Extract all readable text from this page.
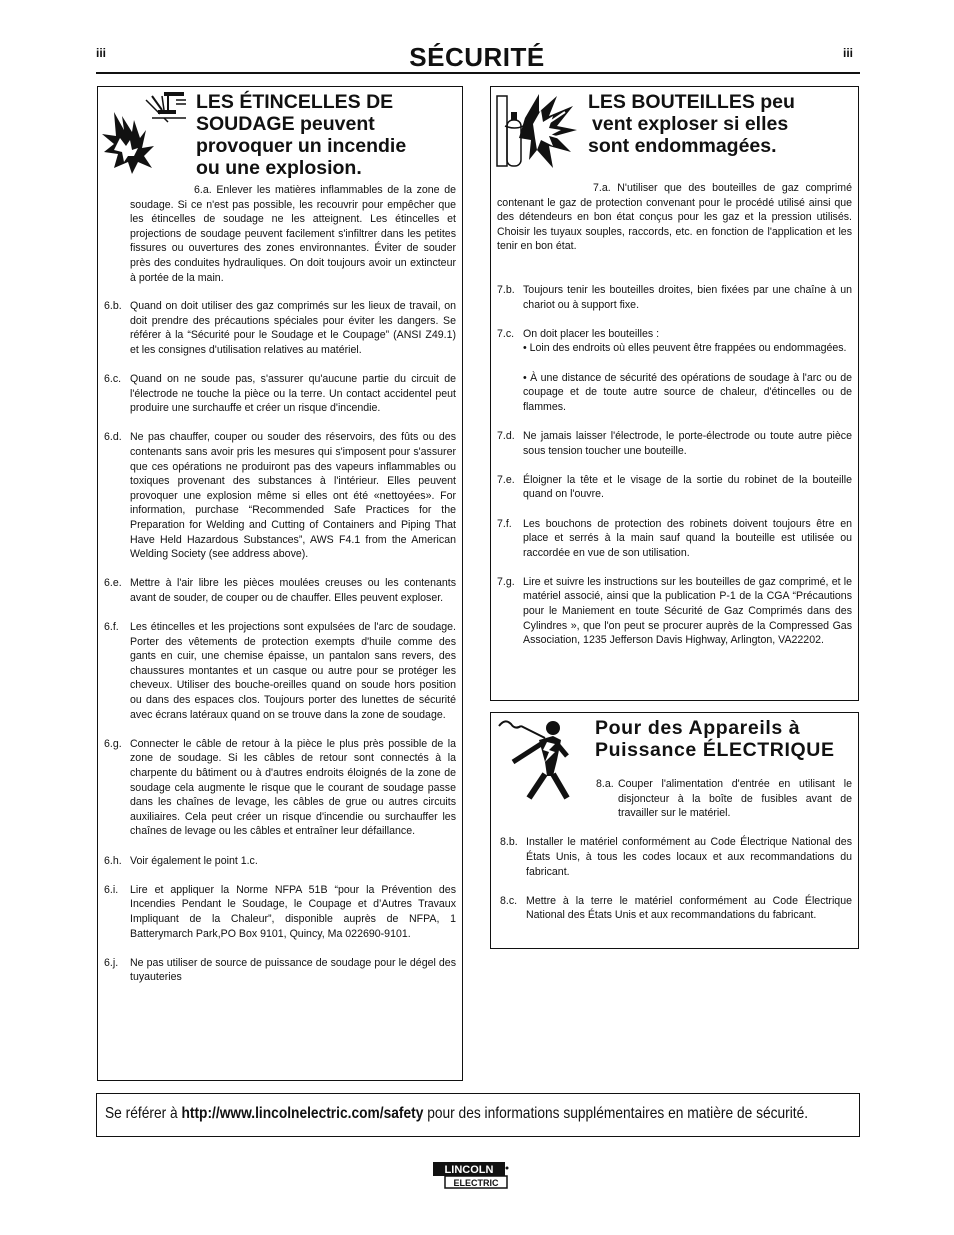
iii	iii
SÉCURITÉ
LES ÉTINCELLES DE
SOUDAGE peuvent
provoquer un incendie
ou une explosion.
6.a. Enlever les matières inflammables de la zone de soudage. Si ce n'est pas possible, les recouvrir pour empêcher que les étincelles de soudage ne les atteignent. Les étincelles et projections de soudage peuvent facilement s'infiltrer dans les petites fissures ou ouvertures des zones environnantes. Éviter de souder près des conduites hydrauliques. On doit toujours avoir un extincteur à portée de la main.
6.b. Quand on doit utiliser des gaz comprimés sur les lieux de travail, on doit prendre des précautions spéciales pour éviter les dangers. Se référer à la “Sécurité pour le Soudage et le Coupage” (ANSI Z49.1) et les consignes d'utilisation relatives au matériel.
6.c. Quand on ne soude pas, s'assurer qu'aucune partie du circuit de l'électrode ne touche la pièce ou la terre. Un contact accidentel peut produire une surchauffe et créer un risque d'incendie.
6.d. Ne pas chauffer, couper ou souder des réservoirs, des fûts ou des contenants sans avoir pris les mesures qui s'imposent pour s'assurer que ces opérations ne produiront pas des vapeurs inflammables ou toxiques provenant des substances à l'intérieur. Elles peuvent provoquer une explosion même si elles ont été «nettoyées». For information, purchase “Recommended Safe Practices for the Preparation for Welding and Cutting of Containers and Piping That Have Held Hazardous Substances”, AWS F4.1 from the American Welding Society (see address above).
6.e. Mettre à l'air libre les pièces moulées creuses ou les contenants avant de souder, de couper ou de chauffer. Elles peuvent exploser.
6.f. Les étincelles et les projections sont expulsées de l'arc de soudage. Porter des vêtements de protection exempts d'huile comme des gants en cuir, une chemise épaisse, un pantalon sans revers, des chaussures montantes et un casque ou autre pour se protéger les cheveux. Utiliser des bouche-oreilles quand on soude hors position ou dans des espaces clos. Toujours porter des lunettes de sécurité avec écrans latéraux quand on se trouve dans la zone de soudage.
6.g. Connecter le câble de retour à la pièce le plus près possible de la zone de soudage. Si les câbles de retour sont connectés à la charpente du bâtiment ou à d'autres endroits éloignés de la zone de soudage cela augmente le risque que le courant de soudage passe dans les chaînes de levage, les câbles de grue ou autres circuits auxiliaires. Cela peut créer un risque d'incendie ou surchauffer les chaînes de levage ou les câbles et entraîner leur défaillance.
6.h. Voir également le point 1.c.
6.i. Lire et appliquer la Norme NFPA 51B “pour la Prévention des Incendies Pendant le Soudage, le Coupage et d’Autres Travaux Impliquant de la Chaleur”, disponible auprès de NFPA, 1 Batterymarch Park,PO Box 9101, Quincy, Ma 022690-9101.
6.j. Ne pas utiliser de source de puissance de soudage pour le dégel des tuyauteries
LES BOUTEILLES peu
vent exploser si elles
sont endommagées.
7.a. N'utiliser que des bouteilles de gaz comprimé contenant le gaz de protection convenant pour le procédé utilisé ainsi que des détendeurs en bon état conçus pour les gaz et la pression utilisés. Choisir les tuyaux souples, raccords, etc. en fonction de l'application et les tenir en bon état.
7.b. Toujours tenir les bouteilles droites, bien fixées par une chaîne à un chariot ou à support fixe.
7.c. On doit placer les bouteilles :
• Loin des endroits où elles peuvent être frappées ou endommagées.
• À une distance de sécurité des opérations de soudage à l'arc ou de coupage et de toute autre source de chaleur, d'étincelles ou de flammes.
7.d. Ne jamais laisser l'électrode, le porte-électrode ou toute autre pièce sous tension toucher une bouteille.
7.e. Éloigner la tête et le visage de la sortie du robinet de la bouteille quand on l'ouvre.
7.f. Les bouchons de protection des robinets doivent toujours être en place et serrés à la main sauf quand la bouteille est utilisée ou raccordée en vue de son utilisation.
7.g. Lire et suivre les instructions sur les bouteilles de gaz comprimé, et le matériel associé, ainsi que la publication P-1 de la CGA “Précautions pour le Maniement en toute Sécurité de Gaz Comprimés dans des Cylindres », que l'on peut se procurer auprès de la Compressed Gas Association, 1235 Jefferson Davis Highway, Arlington, VA22202.
Pour des Appareils à
Puissance ÉLECTRIQUE
8.a. Couper l'alimentation d'entrée en utilisant le disjoncteur à la boîte de fusibles avant de travailler sur le matériel.
8.b. Installer le matériel conformément au Code Électrique National des États Unis, à tous les codes locaux et aux recommandations du fabricant.
8.c. Mettre à la terre le matériel conformément au Code Électrique National des États Unis et aux recommandations du fabricant.
Se référer à http://www.lincolnelectric.com/safety pour des informations supplémentaires en matière de sécurité.
LINCOLN
ELECTRIC
